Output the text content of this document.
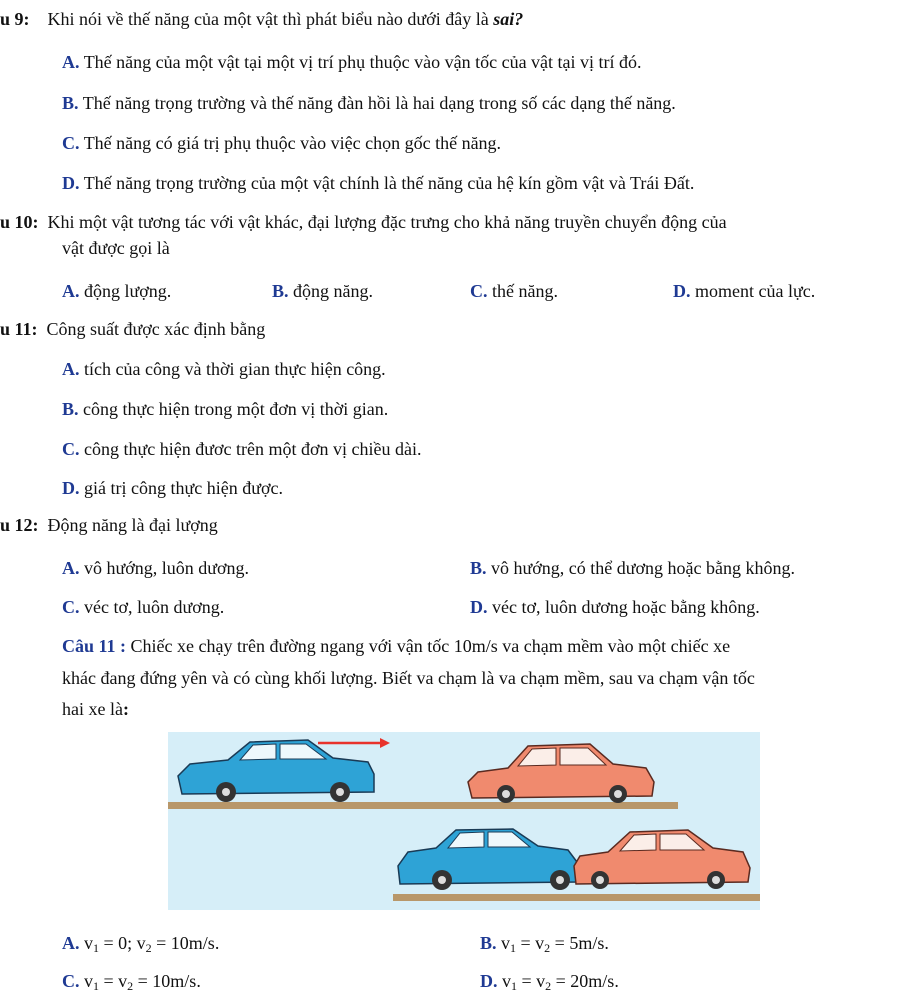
u 9: Khi nói về thế năng của một vật thì phát biểu nào dưới đây là sai?
A. Thế năng của một vật tại một vị trí phụ thuộc vào vận tốc của vật tại vị trí đó.
B. Thế năng trọng trường và thế năng đàn hồi là hai dạng trong số các dạng thế năng.
C. Thế năng có giá trị phụ thuộc vào việc chọn gốc thế năng.
D. Thế năng trọng trường của một vật chính là thế năng của hệ kín gồm vật và Trái Đất.
u 10: Khi một vật tương tác với vật khác, đại lượng đặc trưng cho khả năng truyền chuyển động của
vật được gọi là
A. động lượng.	B. động năng.	C. thế năng.	D. moment của lực.
u 11: Công suất được xác định bằng
A. tích của công và thời gian thực hiện công.
B. công thực hiện trong một đơn vị thời gian.
C. công thực hiện đươc trên một đơn vị chiều dài.
D. giá trị công thực hiện được.
u 12: Động năng là đại lượng
A. vô hướng, luôn dương.	B. vô hướng, có thể dương hoặc bằng không.
C. véc tơ, luôn dương.	D. véc tơ, luôn dương hoặc bằng không.
Câu 11 : Chiếc xe chạy trên đường ngang với vận tốc 10m/s va chạm mềm vào một chiếc xe
khác đang đứng yên và có cùng khối lượng. Biết va chạm là va chạm mềm, sau va chạm vận tốc
hai xe là:
A. $v_1 = 0$; $v_2 = 10m/s$.	B. $v_1 = v_2 = 5m/s$.
C. $v_1 = v_2 = 10m/s$.	D. $v_1 = v_2 = 20m/s$.
